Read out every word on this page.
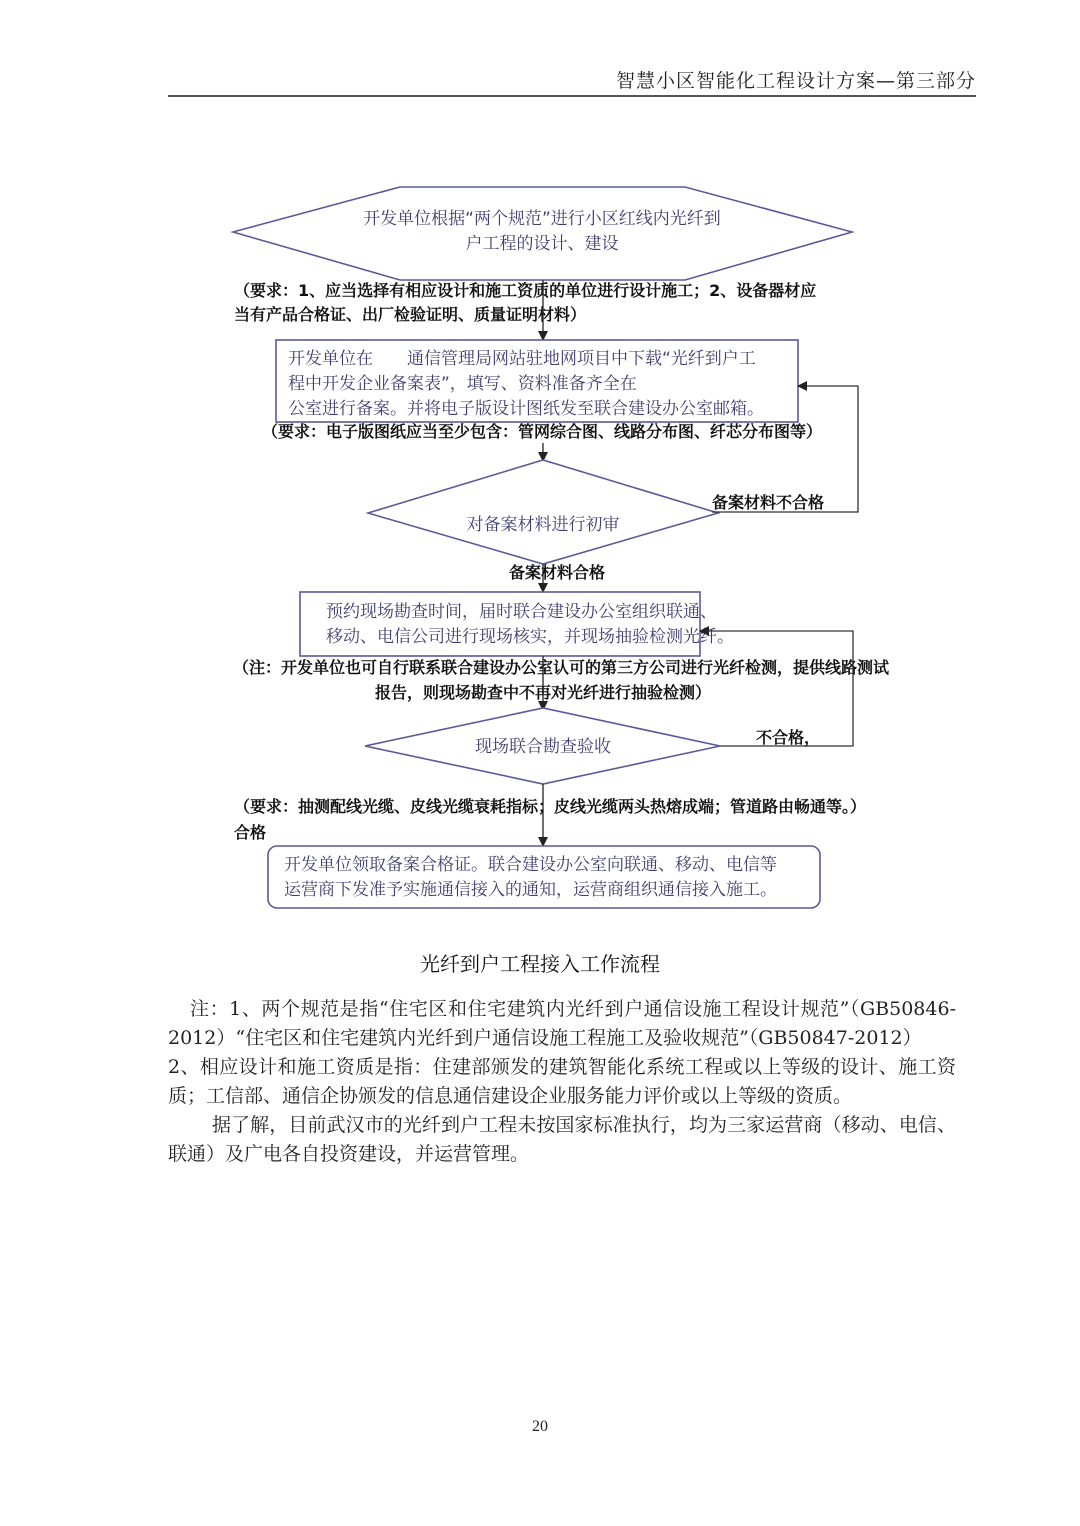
智慧小区智能化工程设计方案—第三部分
开发单位根据“两个规范”进行小区红线内光纤到
户工程的设计、建设
（要求：1、应当选择有相应设计和施工资质的单位进行设计施工；2、设备器材应
当有产品合格证、出厂检验证明、质量证明材料）
开发单位在　　通信管理局网站驻地网项目中下载“光纤到户工
程中开发企业备案表”，填写、资料准备齐全在
公室进行备案。并将电子版设计图纸发至联合建设办公室邮箱。
（要求：电子版图纸应当至少包含：管网综合图、线路分布图、纤芯分布图等）
对备案材料进行初审
备案材料不合格
备案材料合格
预约现场勘查时间，届时联合建设办公室组织联通、
移动、电信公司进行现场核实，并现场抽验检测光纤。
（注：开发单位也可自行联系联合建设办公室认可的第三方公司进行光纤检测，提供线路测试
报告，则现场勘查中不再对光纤进行抽验检测）
现场联合勘查验收	不合格，
（要求：抽测配线光缆、皮线光缆衰耗指标；皮线光缆两头热熔成端；管道路由畅通等。）
合格
开发单位领取备案合格证。联合建设办公室向联通、移动、电信等
运营商下发准予实施通信接入的通知，运营商组织通信接入施工。
光纤到户工程接入工作流程

注：1、两个规范是指“住宅区和住宅建筑内光纤到户通信设施工程设计规范”（GB50846-2012）“住宅区和住宅建筑内光纤到户通信设施工程施工及验收规范”（GB50847-2012）

2、相应设计和施工资质是指：住建部颁发的建筑智能化系统工程或以上等级的设计、施工资质；工信部、通信企协颁发的信息通信建设企业服务能力评价或以上等级的资质。

据了解，目前武汉市的光纤到户工程未按国家标准执行，均为三家运营商（移动、电信、联通）及广电各自投资建设，并运营管理。

20
